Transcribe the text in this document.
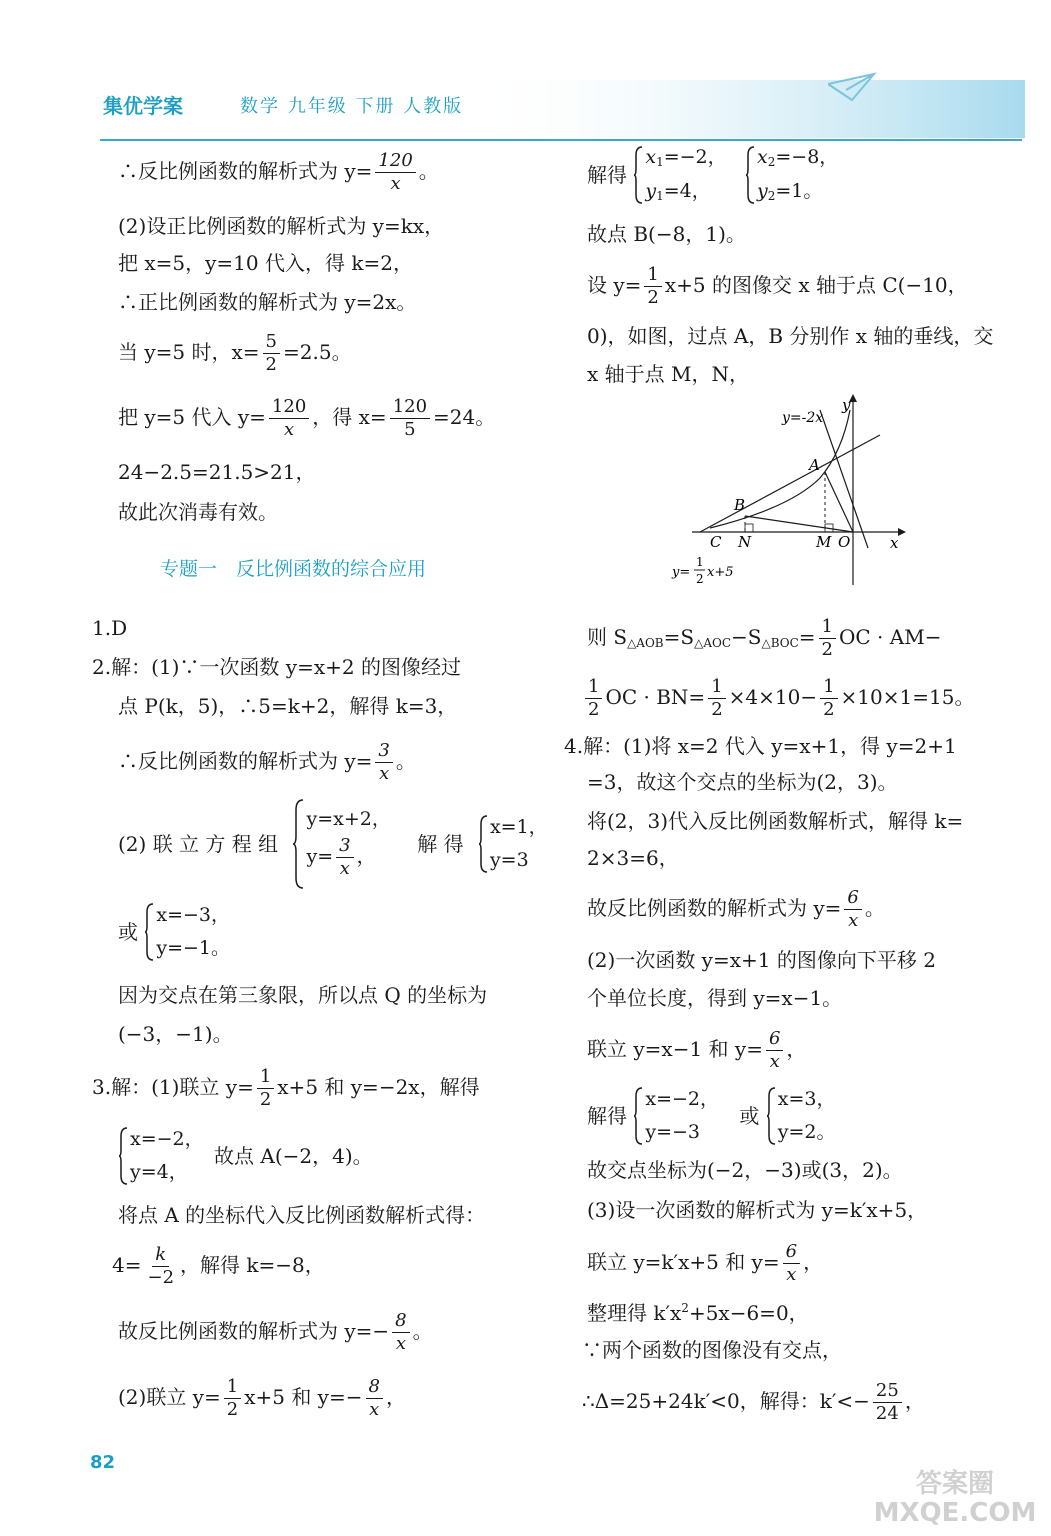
集优学案	数学 九年级 下册 人教版
∴反比例函数的解析式为 $y= \frac{120}{x}$ 。
(2)设正比例函数的解析式为 y=kx，
把 x=5，y=10 代入，得 k=2，
∴正比例函数的解析式为 y=2x。
当 y=5 时，$x= \frac{5}{2} =2.5$。
把 y=5 代入 $y= \frac{120}{x}$ ，得 $x= \frac{120}{5} =24$。
24−2.5=21.5>21，
故此次消毒有效。
专题一　反比例函数的综合应用
1.D
2.解：(1)∵一次函数 y=x+2 的图像经过
点 P(k，5)，∴5=k+2，解得 k=3，
∴反比例函数的解析式为 $y= \frac{3}{x}$ 。
(2) 联 立 方 程 组
y=x+2，
$y= \frac{3}{x}$ ，
解 得
x=1，
y=3
或
x=−3，
y=−1。
因为交点在第三象限，所以点 Q 的坐标为
(−3，−1)。
3.解：(1)联立 $y= \frac{1}{2} x+5$ 和 y=−2x，解得
x=−2，
y=4，
故点 A(−2，4)。
将点 A 的坐标代入反比例函数解析式得：
$4= \frac{k}{-2}$ ，解得 k=−8，
故反比例函数的解析式为 $y=- \frac{8}{x}$ 。
(2)联立 $y= \frac{1}{2} x+5$ 和 $y=- \frac{8}{x}$ ，
解得
$x_1=-2$，
$y_1=4$，

$x_2=-8$，
$y_2=1$。
故点 B(−8，1)。
设 $y= \frac{1}{2} x+5$ 的图像交 x 轴于点 C(−10，
0)，如图，过点 A，B 分别作 x 轴的垂线，交
x 轴于点 M，N，
y=-2x
y
x
A
B
C N	M O
y=
1
2 x+5
则 $S_{\triangle AOB}=S_{\triangle AOC}-S_{\triangle BOC}= \frac{1}{2}$ OC · AM−
$\frac{1}{2}$ OC · $BN= \frac{1}{2} \times 4\times 10- \frac{1}{2} \times 10\times 1=15$。
4.解：(1)将 x=2 代入 y=x+1，得 y=2+1
=3，故这个交点的坐标为(2，3)。
将(2，3)代入反比例函数解析式，解得 k=
2×3=6，
故反比例函数的解析式为 $y= \frac{6}{x}$ 。
(2)一次函数 y=x+1 的图像向下平移 2
个单位长度，得到 y=x−1。
联立 y=x−1 和 $y= \frac{6}{x}$ ，
解得
x=−2，
y=−3
或
x=3，
y=2。
故交点坐标为(−2，−3)或(3，2)。
(3)设一次函数的解析式为 y=k′x+5，
联立 y=k′x+5 和 $y= \frac{6}{x}$ ，
整理得 $k'x^2+5x-6=0$，
∵两个函数的图像没有交点，
∴Δ=25+24k′<0，解得：$k'<- \frac{25}{24}$ ，
82
答案圈 MXQE.COM
